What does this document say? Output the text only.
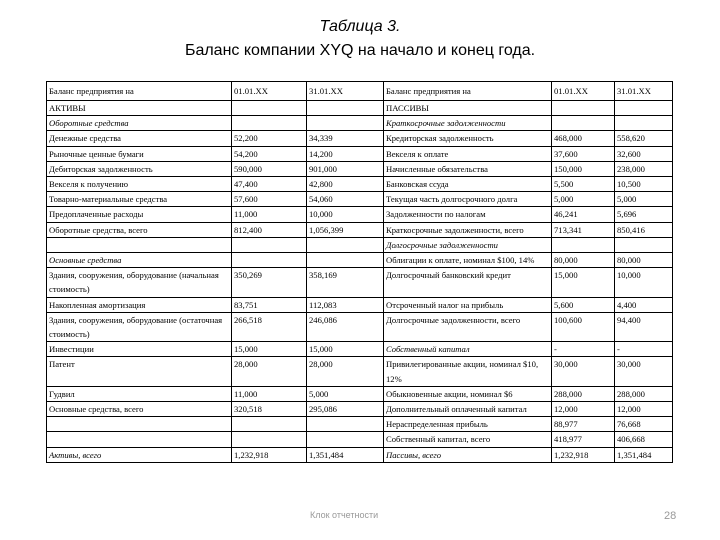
Таблица 3.
Баланс компании XYQ на начало и конец года.
Баланс предприятия на	01.01.XX	31.01.XX	Баланс предприятия на	01.01.XX	31.01.XX
АКТИВЫ			ПАССИВЫ		
Оборотные средства			Краткосрочные задолженности		
Денежные средства	52,200	34,339	Кредиторская задолженность	468,000	558,620
Рыночные ценные бумаги	54,200	14,200	Векселя к оплате	37,600	32,600
Дебиторская задолженность	590,000	901,000	Начисленные обязательства	150,000	238,000
Векселя к получению	47,400	42,800	Банковская ссуда	5,500	10,500
Товарно-материальные средства	57,600	54,060	Текущая часть долгосрочного долга	5,000	5,000
Предоплаченные расходы	11,000	10,000	Задолженности по налогам	46,241	5,696
Оборотные средства, всего	812,400	1,056,399	Краткосрочные задолженности, всего	713,341	850,416
			Долгосрочные задолженности		
Основные средства			Облигации к оплате, номинал $100, 14%	80,000	80,000
Здания, сооружения, оборудование (начальная стоимость)	350,269	358,169	Долгосрочный банковский кредит	15,000	10,000
Накопленная амортизация	83,751	112,083	Отсроченный налог на прибыль	5,600	4,400
Здания, сооружения, оборудование (остаточная стоимость)	266,518	246,086	Долгосрочные задолженности, всего	100,600	94,400
Инвестиции	15,000	15,000	Собственный капитал	-	-
Патент	28,000	28,000	Привилегированные акции, номинал $10, 12%	30,000	30,000
Гудвил	11,000	5,000	Обыкновенные акции, номинал $6	288,000	288,000
Основные средства, всего	320,518	295,086	Дополнительный оплаченный капитал	12,000	12,000
			Нераспределенная прибыль	88,977	76,668
			Собственный капитал, всего	418,977	406,668
Активы, всего	1,232,918	1,351,484	Пассивы, всего	1,232,918	1,351,484
Клок отчетности	28
